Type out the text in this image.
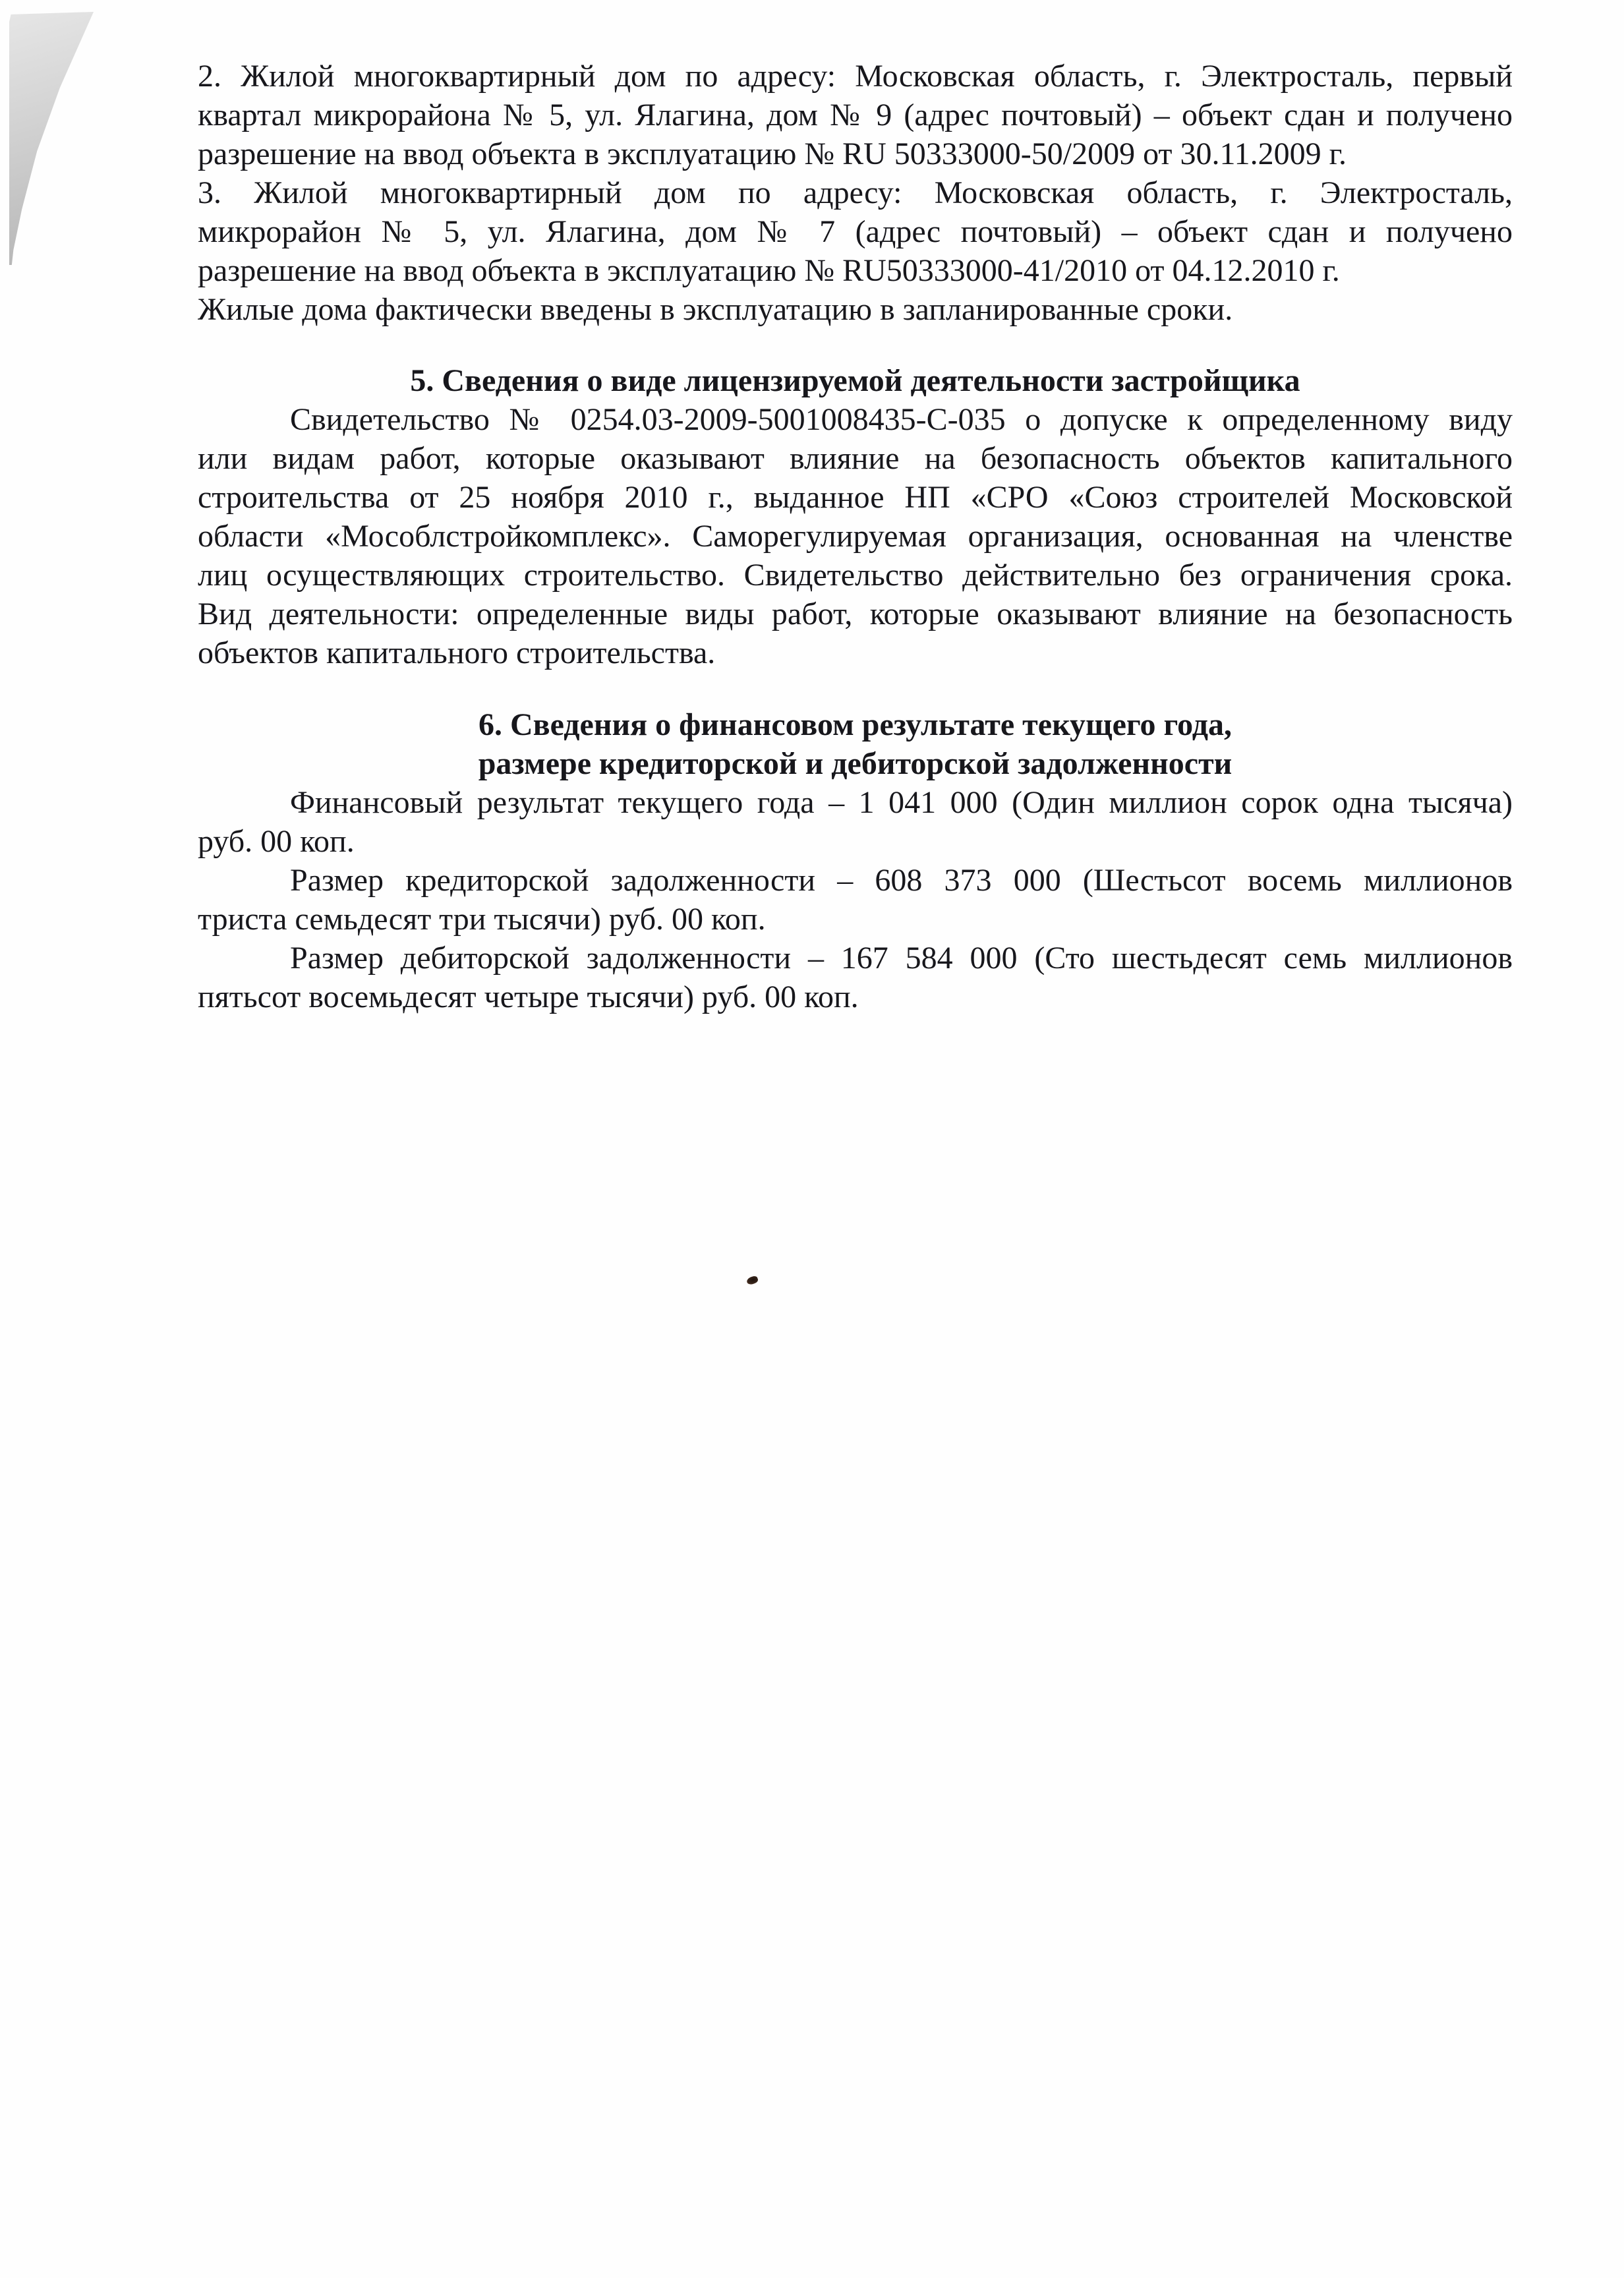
2. Жилой многоквартирный дом по адресу: Московская область, г. Электросталь, первый
квартал микрорайона № 5, ул. Ялагина, дом № 9 (адрес почтовый) – объект сдан и получено
разрешение на ввод объекта в эксплуатацию № RU 50333000-50/2009 от 30.11.2009 г.
3. Жилой многоквартирный дом по адресу: Московская область, г. Электросталь,
микрорайон № 5, ул. Ялагина, дом № 7 (адрес почтовый) – объект сдан и получено
разрешение на ввод объекта в эксплуатацию № RU50333000-41/2010 от 04.12.2010 г.
Жилые дома фактически введены в эксплуатацию в запланированные сроки.
5. Сведения о виде лицензируемой деятельности застройщика
Свидетельство № 0254.03-2009-5001008435-С-035 о допуске к определенному виду
или видам работ, которые оказывают влияние на безопасность объектов капитального
строительства от 25 ноября 2010 г., выданное НП «СРО «Союз строителей Московской
области «Мособлстройкомплекс». Саморегулируемая организация, основанная на членстве
лиц осуществляющих строительство. Свидетельство действительно без ограничения срока.
Вид деятельности: определенные виды работ, которые оказывают влияние на безопасность
объектов капитального строительства.
6. Сведения о финансовом результате текущего года,
размере кредиторской и дебиторской задолженности
Финансовый результат текущего года – 1 041 000 (Один миллион сорок одна тысяча)
руб. 00 коп.
Размер кредиторской задолженности – 608 373 000 (Шестьсот восемь миллионов
триста семьдесят три тысячи) руб. 00 коп.
Размер дебиторской задолженности – 167 584 000 (Сто шестьдесят семь миллионов
пятьсот восемьдесят четыре тысячи) руб. 00 коп.
